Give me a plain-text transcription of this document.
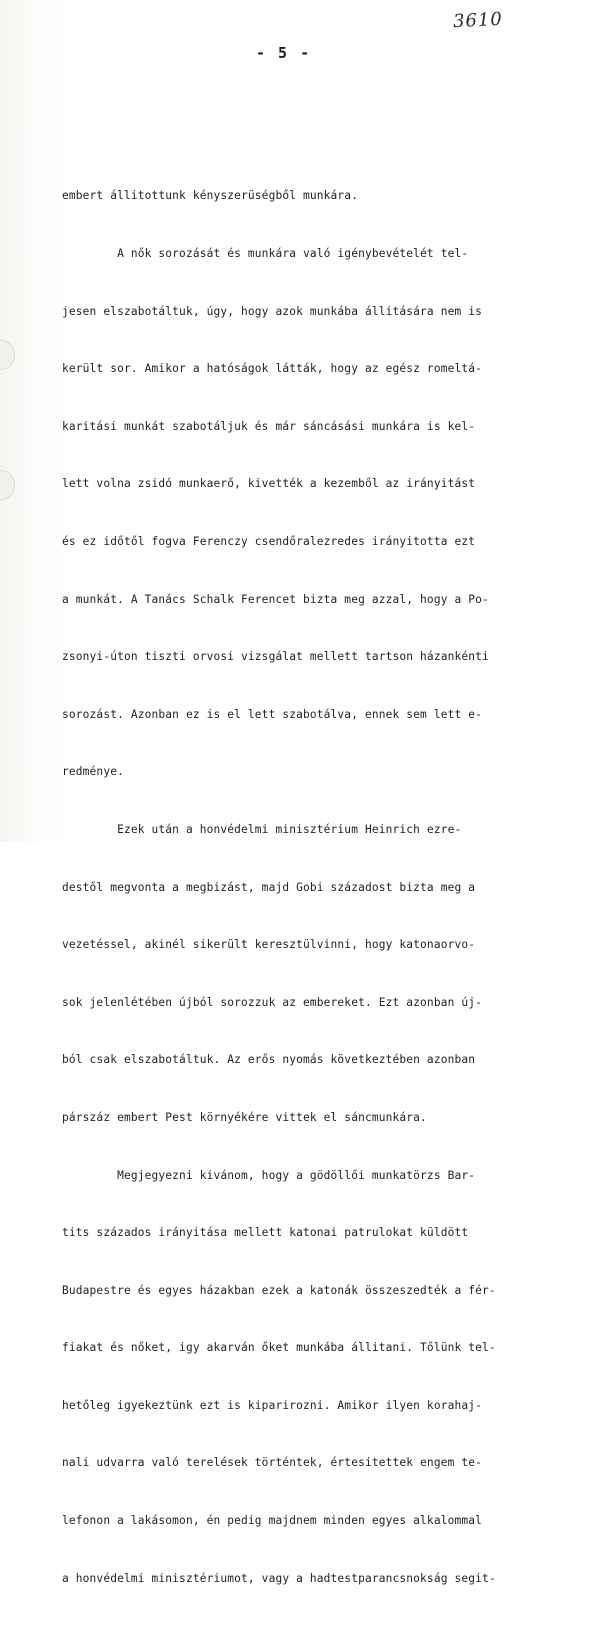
3610
- 5 -

embert állitottunk kényszerüségből munkára.

A nők sorozását és munkára való igénybevételét tel-

jesen elszabotáltuk, úgy, hogy azok munkába állitására nem is

került sor. Amikor a hatóságok látták, hogy az egész romeltá-

karitási munkát szabotáljuk és már sáncásási munkára is kel-

lett volna zsidó munkaerő, kivették a kezemből az irányitást

és ez időtől fogva Ferenczy csendőralezredes irányitotta ezt

a munkát. A Tanács Schalk Ferencet bizta meg azzal, hogy a Po-

zsonyi-úton tiszti orvosi vizsgálat mellett tartson házankénti

sorozást. Azonban ez is el lett szabotálva, ennek sem lett e-

redménye.

Ezek után a honvédelmi minisztérium Heinrich ezre-

destől megvonta a megbizást, majd Gobi századost bizta meg a

vezetéssel, akinél sikerült keresztülvinni, hogy katonaorvo-

sok jelenlétében újból sorozzuk az embereket. Ezt azonban új-

ból csak elszabotáltuk. Az erős nyomás következtében azonban

párszáz embert Pest környékére vittek el sáncmunkára.

Megjegyezni kivánom, hogy a gödöllői munkatörzs Bar-

tits százados irányitása mellett katonai patrulokat küldött

Budapestre és egyes házakban ezek a katonák összeszedték a fér-

fiakat és nőket, igy akarván őket munkába állitani. Tőlünk tel-

hetőleg igyekeztünk ezt is kiparirozni. Amikor ilyen korahaj-

nali udvarra való terelések történtek, értesitettek engem te-

lefonon a lakásomon, én pedig majdnem minden egyes alkalommal

a honvédelmi minisztériumot, vagy a hadtestparancsnokság segit-
